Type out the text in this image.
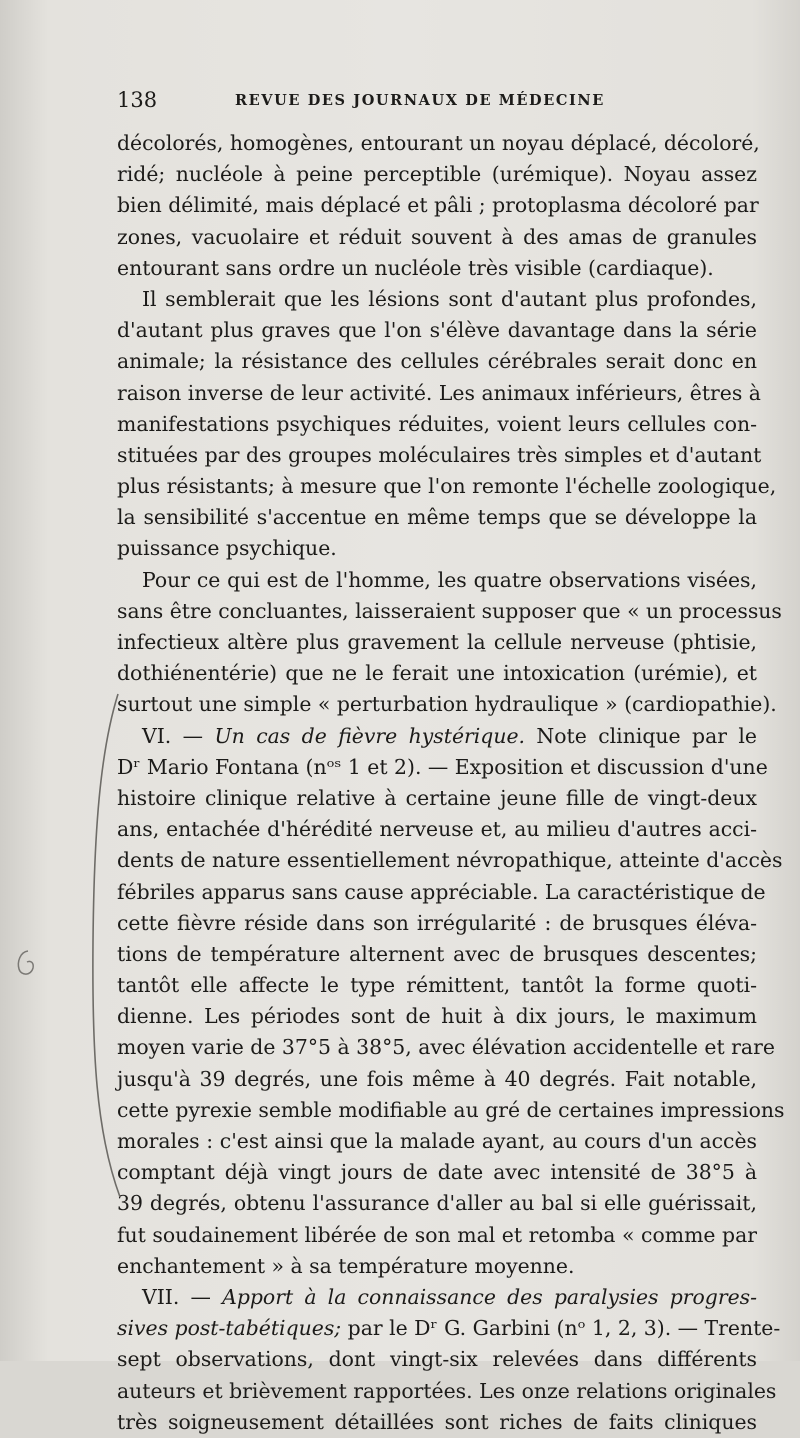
138	REVUE DES JOURNAUX DE MÉDECINE
décolorés, homogènes, entourant un noyau déplacé, décoloré,
ridé; nucléole à peine perceptible (urémique). Noyau assez
bien délimité, mais déplacé et pâli ; protoplasma décoloré par
zones, vacuolaire et réduit souvent à des amas de granules
entourant sans ordre un nucléole très visible (cardiaque).
Il semblerait que les lésions sont d'autant plus profondes,
d'autant plus graves que l'on s'élève davantage dans la série
animale; la résistance des cellules cérébrales serait donc en
raison inverse de leur activité. Les animaux inférieurs, êtres à
manifestations psychiques réduites, voient leurs cellules con-
stituées par des groupes moléculaires très simples et d'autant
plus résistants; à mesure que l'on remonte l'échelle zoologique,
la sensibilité s'accentue en même temps que se développe la
puissance psychique.
Pour ce qui est de l'homme, les quatre observations visées,
sans être concluantes, laisseraient supposer que « un processus
infectieux altère plus gravement la cellule nerveuse (phtisie,
dothiénentérie) que ne le ferait une intoxication (urémie), et
surtout une simple « perturbation hydraulique » (cardiopathie).
VI. — Un cas de fièvre hystérique. Note clinique par le
Dʳ Mario Fontana (nᵒˢ 1 et 2). — Exposition et discussion d'une
histoire clinique relative à certaine jeune fille de vingt-deux
ans, entachée d'hérédité nerveuse et, au milieu d'autres acci-
dents de nature essentiellement névropathique, atteinte d'accès
fébriles apparus sans cause appréciable. La caractéristique de
cette fièvre réside dans son irrégularité : de brusques éléva-
tions de température alternent avec de brusques descentes;
tantôt elle affecte le type rémittent, tantôt la forme quoti-
dienne. Les périodes sont de huit à dix jours, le maximum
moyen varie de 37°5 à 38°5, avec élévation accidentelle et rare
jusqu'à 39 degrés, une fois même à 40 degrés. Fait notable,
cette pyrexie semble modifiable au gré de certaines impressions
morales : c'est ainsi que la malade ayant, au cours d'un accès
comptant déjà vingt jours de date avec intensité de 38°5 à
39 degrés, obtenu l'assurance d'aller au bal si elle guérissait,
fut soudainement libérée de son mal et retomba « comme par
enchantement » à sa température moyenne.
VII. — Apport à la connaissance des paralysies progres-
sives post-tabétiques; par le Dʳ G. Garbini (nᵒ 1, 2, 3). — Trente-
sept observations, dont vingt-six relevées dans différents
auteurs et brièvement rapportées. Les onze relations originales
très soigneusement détaillées sont riches de faits cliniques
